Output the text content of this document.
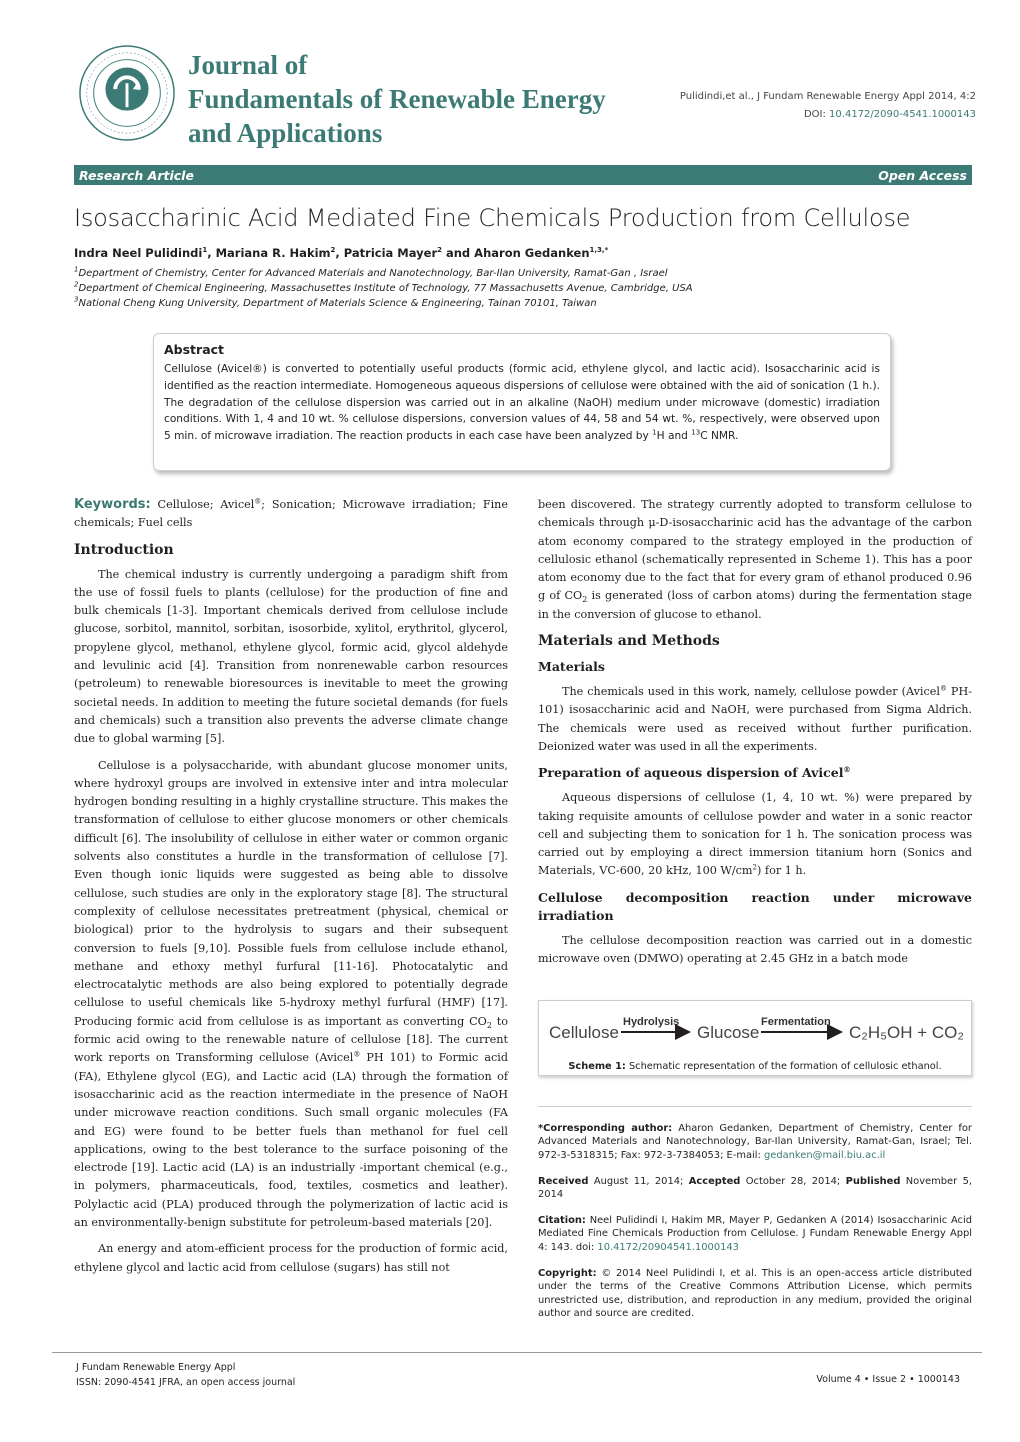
Journal of
Fundamentals of Renewable Energy
and Applications
Pulidindi,et al., J Fundam Renewable Energy Appl 2014, 4:2
DOI: 10.4172/2090-4541.1000143
Research Article	Open Access
Isosaccharinic Acid Mediated Fine Chemicals Production from Cellulose
Indra Neel Pulidindi$^1$, Mariana R. Hakim$^2$, Patricia Mayer$^2$ and Aharon Gedanken$^{1,3,*}$
$^1$Department of Chemistry, Center for Advanced Materials and Nanotechnology, Bar-Ilan University, Ramat-Gan , Israel
$^2$Department of Chemical Engineering, Massachusettes Institute of Technology, 77 Massachusetts Avenue, Cambridge, USA
$^3$National Cheng Kung University, Department of Materials Science & Engineering, Tainan 70101, Taiwan
Abstract

Cellulose (Avicel®) is converted to potentially useful products (formic acid, ethylene glycol, and lactic acid). Isosaccharinic acid is identified as the reaction intermediate. Homogeneous aqueous dispersions of cellulose were obtained with the aid of sonication (1 h.). The degradation of the cellulose dispersion was carried out in an alkaline (NaOH) medium under microwave (domestic) irradiation conditions. With 1, 4 and 10 wt. % cellulose dispersions, conversion values of 44, 58 and 54 wt. %, respectively, were observed upon 5 min. of microwave irradiation. The reaction products in each case have been analyzed by $^1$H and $^{13}$C NMR.

Keywords: Cellulose; Avicel®; Sonication; Microwave irradiation; Fine chemicals; Fuel cells

Introduction

The chemical industry is currently undergoing a paradigm shift from the use of fossil fuels to plants (cellulose) for the production of fine and bulk chemicals [1-3]. Important chemicals derived from cellulose include glucose, sorbitol, mannitol, sorbitan, isosorbide, xylitol, erythritol, glycerol, propylene glycol, methanol, ethylene glycol, formic acid, glycol aldehyde and levulinic acid [4]. Transition from nonrenewable carbon resources (petroleum) to renewable bioresources is inevitable to meet the growing societal needs. In addition to meeting the future societal demands (for fuels and chemicals) such a transition also prevents the adverse climate change due to global warming [5].

Cellulose is a polysaccharide, with abundant glucose monomer units, where hydroxyl groups are involved in extensive inter and intra molecular hydrogen bonding resulting in a highly crystalline structure. This makes the transformation of cellulose to either glucose monomers or other chemicals difficult [6]. The insolubility of cellulose in either water or common organic solvents also constitutes a hurdle in the transformation of cellulose [7]. Even though ionic liquids were suggested as being able to dissolve cellulose, such studies are only in the exploratory stage [8]. The structural complexity of cellulose necessitates pretreatment (physical, chemical or biological) prior to the hydrolysis to sugars and their subsequent conversion to fuels [9,10]. Possible fuels from cellulose include ethanol, methane and ethoxy methyl furfural [11-16]. Photocatalytic and electrocatalytic methods are also being explored to potentially degrade cellulose to useful chemicals like 5-hydroxy methyl furfural (HMF) [17]. Producing formic acid from cellulose is as important as converting $CO_2$ to formic acid owing to the renewable nature of cellulose [18]. The current work reports on Transforming cellulose (Avicel® PH 101) to Formic acid (FA), Ethylene glycol (EG), and Lactic acid (LA) through the formation of isosaccharinic acid as the reaction intermediate in the presence of NaOH under microwave reaction conditions. Such small organic molecules (FA and EG) were found to be better fuels than methanol for fuel cell applications, owing to the best tolerance to the surface poisoning of the electrode [19]. Lactic acid (LA) is an industrially -important chemical (e.g., in polymers, pharmaceuticals, food, textiles, cosmetics and leather). Polylactic acid (PLA) produced through the polymerization of lactic acid is an environmentally-benign substitute for petroleum-based materials [20].

An energy and atom-efficient process for the production of formic acid, ethylene glycol and lactic acid from cellulose (sugars) has still not

been discovered. The strategy currently adopted to transform cellulose to chemicals through μ-D-isosaccharinic acid has the advantage of the carbon atom economy compared to the strategy employed in the production of cellulosic ethanol (schematically represented in Scheme 1). This has a poor atom economy due to the fact that for every gram of ethanol produced 0.96 g of $CO_2$ is generated (loss of carbon atoms) during the fermentation stage in the conversion of glucose to ethanol.

Materials and Methods
Materials

The chemicals used in this work, namely, cellulose powder (Avicel® PH-101) isosaccharinic acid and NaOH, were purchased from Sigma Aldrich. The chemicals were used as received without further purification. Deionized water was used in all the experiments.

Preparation of aqueous dispersion of Avicel®

Aqueous dispersions of cellulose (1, 4, 10 wt. %) were prepared by taking requisite amounts of cellulose powder and water in a sonic reactor cell and subjecting them to sonication for 1 h. The sonication process was carried out by employing a direct immersion titanium horn (Sonics and Materials, VC-600, 20 kHz, 100 $W/cm^2$) for 1 h.

Cellulose decomposition reaction under microwave irradiation

The cellulose decomposition reaction was carried out in a domestic microwave oven (DMWO) operating at 2.45 GHz in a batch mode

Cellulose
Hydrolysis
Glucose
Fermentation
C₂H₅OH + CO₂
Scheme 1: Schematic representation of the formation of cellulosic ethanol.
*Corresponding author: Aharon Gedanken, Department of Chemistry, Center for Advanced Materials and Nanotechnology, Bar-Ilan University, Ramat-Gan, Israel; Tel. 972-3-5318315; Fax: 972-3-7384053; E-mail: gedanken@mail.biu.ac.il
Received August 11, 2014; Accepted October 28, 2014; Published November 5, 2014
Citation: Neel Pulidindi I, Hakim MR, Mayer P, Gedanken A (2014) Isosaccharinic Acid Mediated Fine Chemicals Production from Cellulose. J Fundam Renewable Energy Appl 4: 143. doi: 10.4172/20904541.1000143
Copyright: © 2014 Neel Pulidindi I, et al. This is an open-access article distributed under the terms of the Creative Commons Attribution License, which permits unrestricted use, distribution, and reproduction in any medium, provided the original author and source are credited.
J Fundam Renewable Energy Appl
ISSN: 2090-4541 JFRA, an open access journal	Volume 4 • Issue 2 • 1000143
